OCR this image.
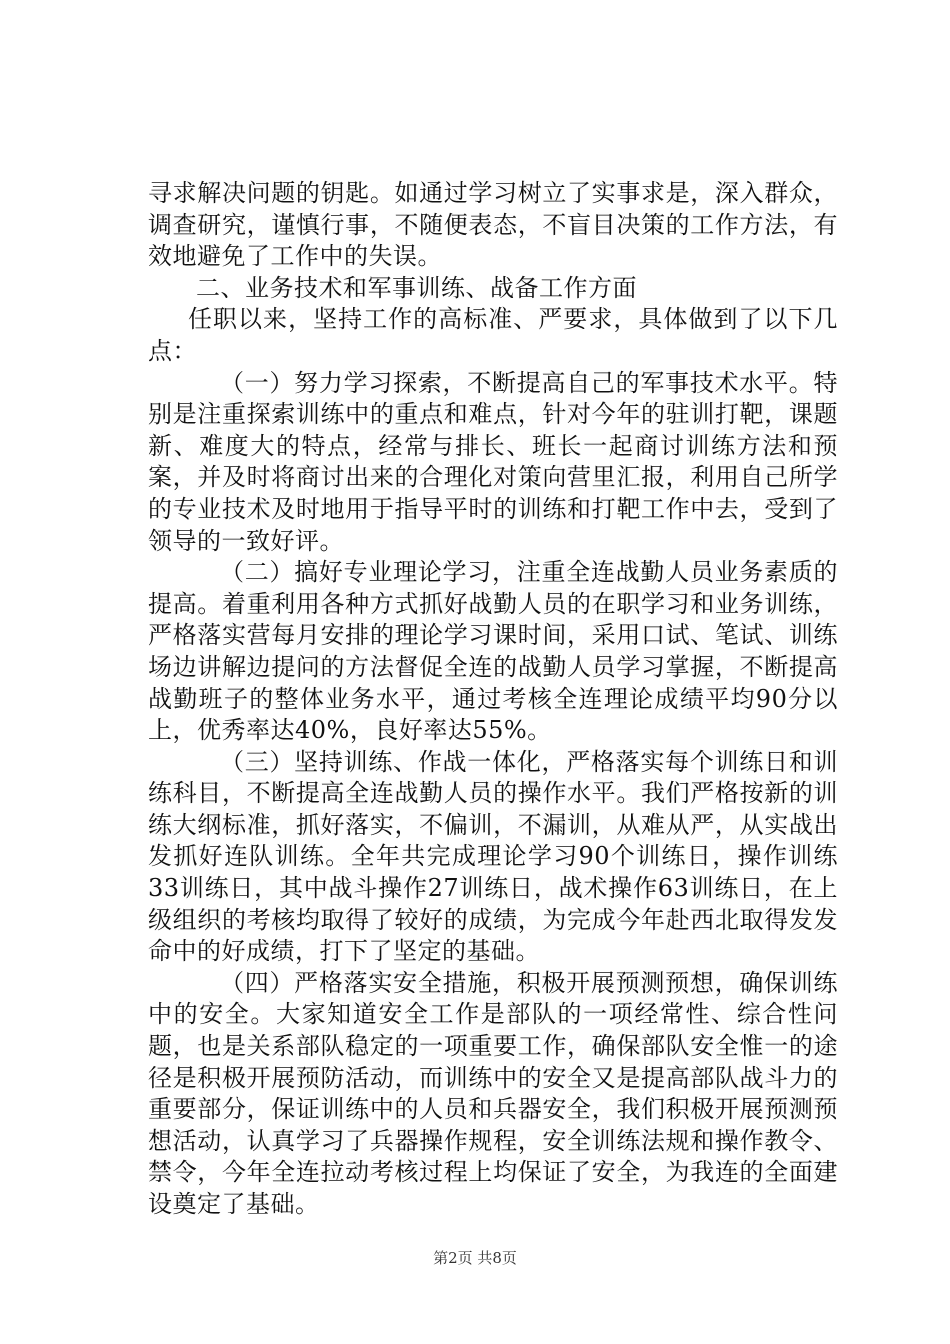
寻求解决问题的钥匙。如通过学习树立了实事求是，深入群众，调查研究，谨慎行事，不随便表态，不盲目决策的工作方法，有效地避免了工作中的失误。

二、业务技术和军事训练、战备工作方面

任职以来，坚持工作的高标准、严要求，具体做到了以下几点：

（一）努力学习探索，不断提高自己的军事技术水平。特别是注重探索训练中的重点和难点，针对今年的驻训打靶，课题新、难度大的特点，经常与排长、班长一起商讨训练方法和预案，并及时将商讨出来的合理化对策向营里汇报，利用自己所学的专业技术及时地用于指导平时的训练和打靶工作中去，受到了领导的一致好评。

（二）搞好专业理论学习，注重全连战勤人员业务素质的提高。着重利用各种方式抓好战勤人员的在职学习和业务训练，严格落实营每月安排的理论学习课时间，采用口试、笔试、训练场边讲解边提问的方法督促全连的战勤人员学习掌握，不断提高战勤班子的整体业务水平，通过考核全连理论成绩平均90分以上，优秀率达40%，良好率达55%。

（三）坚持训练、作战一体化，严格落实每个训练日和训练科目，不断提高全连战勤人员的操作水平。我们严格按新的训练大纲标准，抓好落实，不偏训，不漏训，从难从严，从实战出发抓好连队训练。全年共完成理论学习90个训练日，操作训练33训练日，其中战斗操作27训练日，战术操作63训练日，在上级组织的考核均取得了较好的成绩，为完成今年赴西北取得发发命中的好成绩，打下了坚定的基础。

（四）严格落实安全措施，积极开展预测预想，确保训练中的安全。大家知道安全工作是部队的一项经常性、综合性问题，也是关系部队稳定的一项重要工作，确保部队安全惟一的途径是积极开展预防活动，而训练中的安全又是提高部队战斗力的重要部分，保证训练中的人员和兵器安全，我们积极开展预测预想活动，认真学习了兵器操作规程，安全训练法规和操作教令、禁令，今年全连拉动考核过程上均保证了安全，为我连的全面建设奠定了基础。

第2页 共8页
